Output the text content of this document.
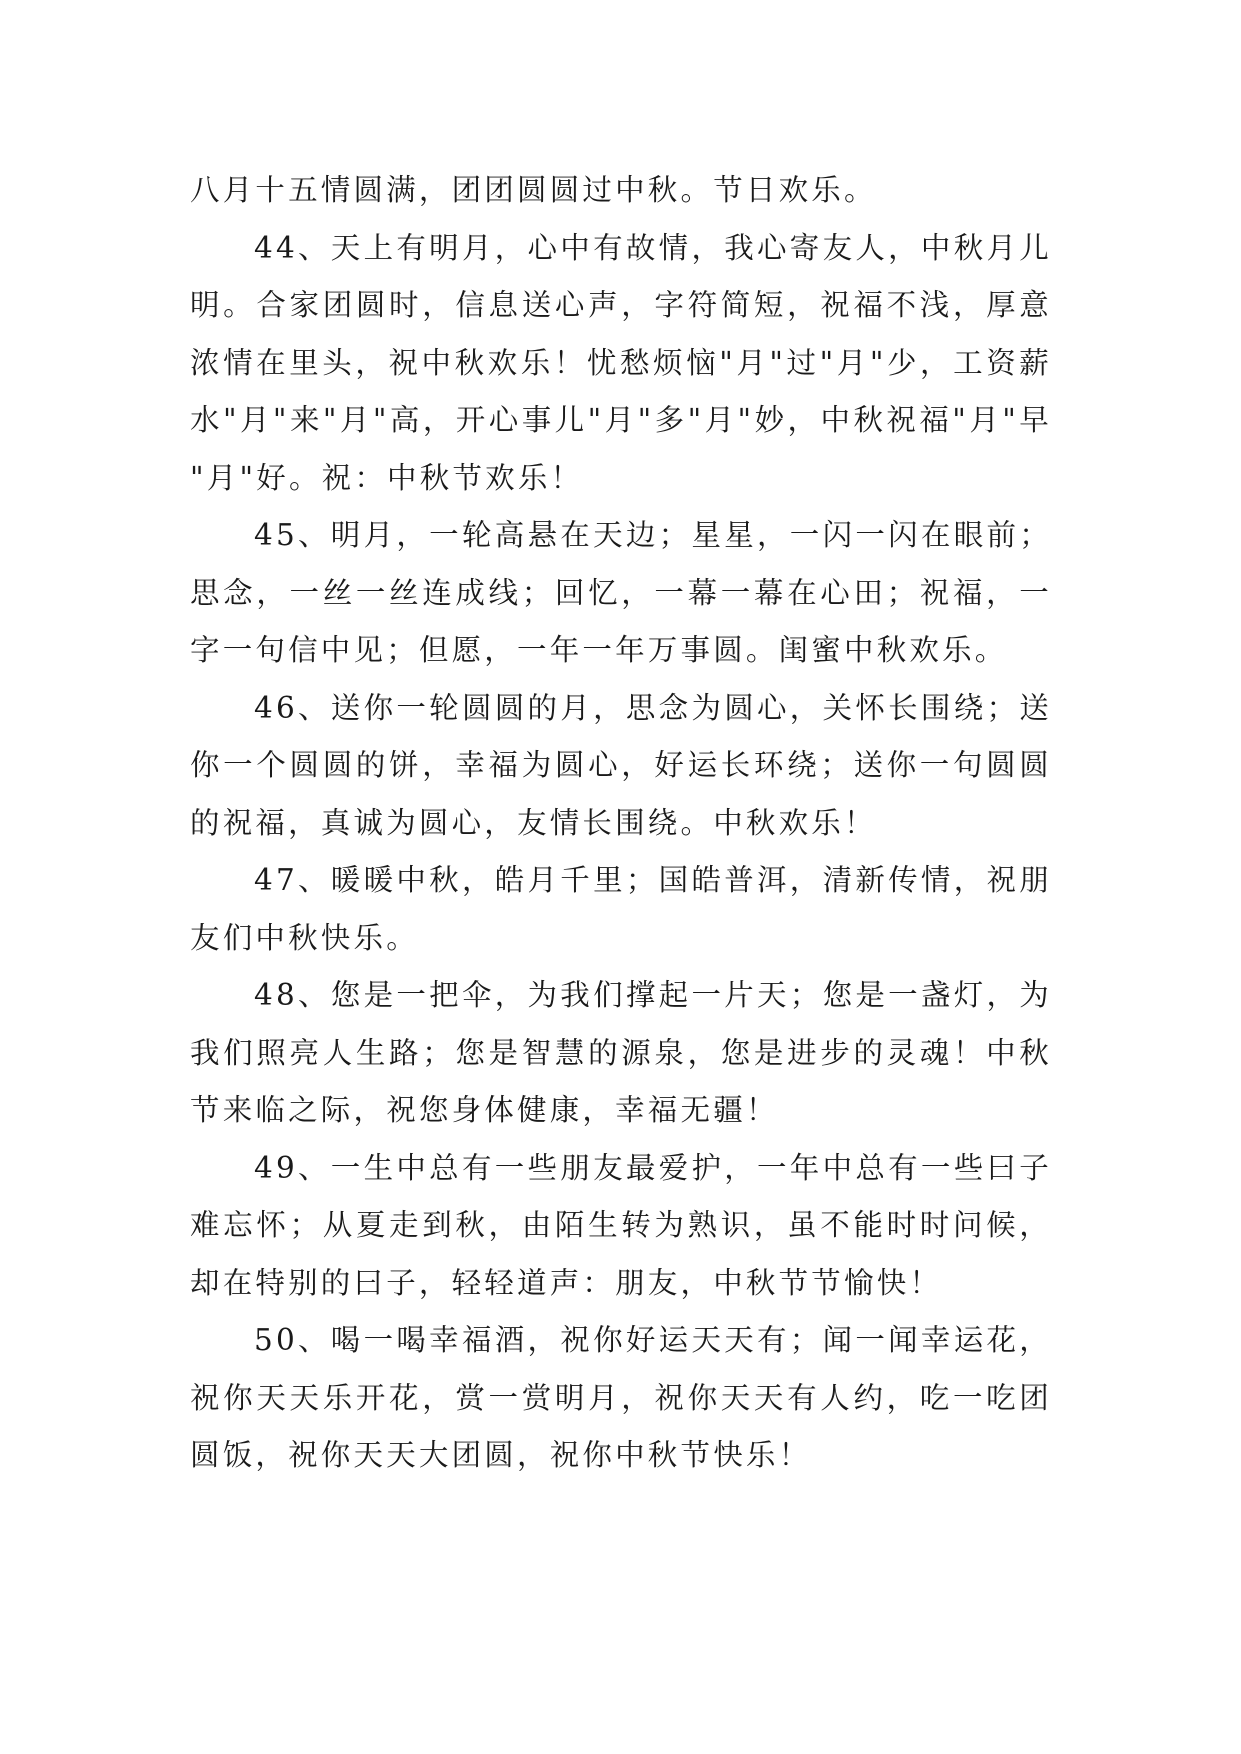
八月十五情圆满，团团圆圆过中秋。节日欢乐。

44、天上有明月，心中有故情，我心寄友人，中秋月儿明。合家团圆时，信息送心声，字符简短，祝福不浅，厚意浓情在里头，祝中秋欢乐！忧愁烦恼"月"过"月"少，工资薪水"月"来"月"高，开心事儿"月"多"月"妙，中秋祝福"月"早"月"好。祝：中秋节欢乐！

45、明月，一轮高悬在天边；星星，一闪一闪在眼前；思念，一丝一丝连成线；回忆，一幕一幕在心田；祝福，一字一句信中见；但愿，一年一年万事圆。闺蜜中秋欢乐。

46、送你一轮圆圆的月，思念为圆心，关怀长围绕；送你一个圆圆的饼，幸福为圆心，好运长环绕；送你一句圆圆的祝福，真诚为圆心，友情长围绕。中秋欢乐！

47、暖暖中秋，皓月千里；国皓普洱，清新传情，祝朋友们中秋快乐。

48、您是一把伞，为我们撑起一片天；您是一盏灯，为我们照亮人生路；您是智慧的源泉，您是进步的灵魂！中秋节来临之际，祝您身体健康，幸福无疆！

49、一生中总有一些朋友最爱护，一年中总有一些曰子难忘怀；从夏走到秋，由陌生转为熟识，虽不能时时问候，却在特别的曰子，轻轻道声：朋友，中秋节节愉快！

50、喝一喝幸福酒，祝你好运天天有；闻一闻幸运花，祝你天天乐开花，赏一赏明月，祝你天天有人约，吃一吃团圆饭，祝你天天大团圆，祝你中秋节快乐！
